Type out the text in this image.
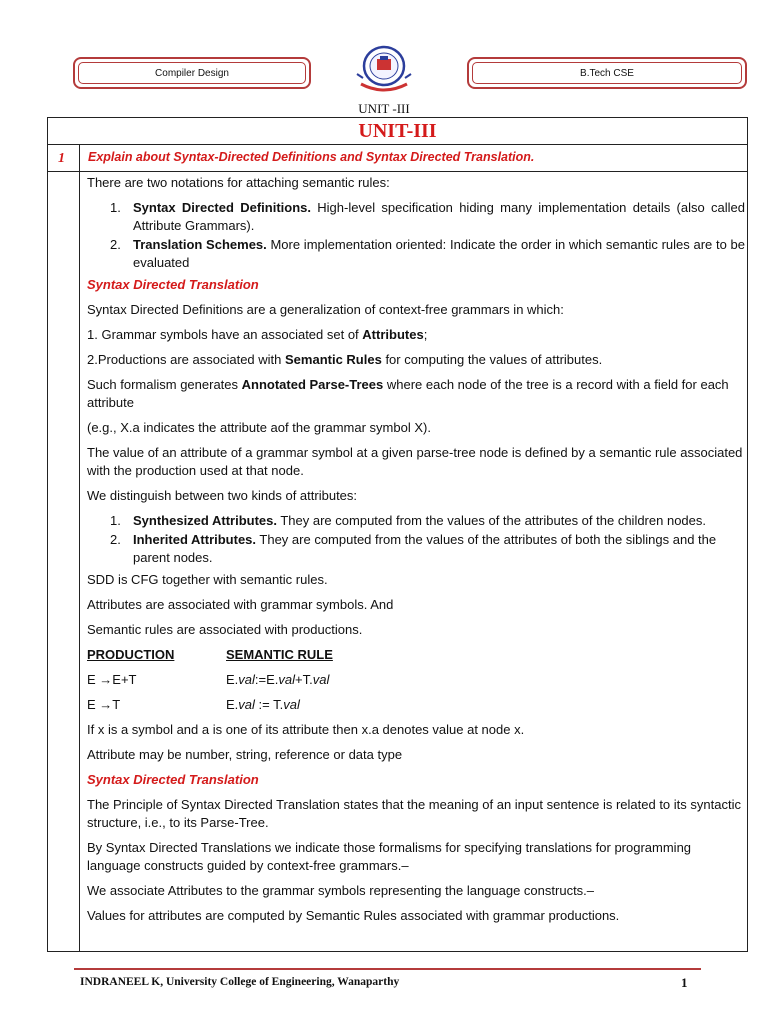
Compiler Design	B.Tech CSE
UNIT -III
UNIT-III
1 Explain about Syntax-Directed Definitions and Syntax Directed Translation.

There are two notations for attaching semantic rules:

1. Syntax Directed Definitions. High-level specification hiding many implementation details (also called Attribute Grammars).
2. Translation Schemes. More implementation oriented: Indicate the order in which semantic rules are to be evaluated

Syntax Directed Translation

Syntax Directed Definitions are a generalization of context-free grammars in which:

1. Grammar symbols have an associated set of Attributes;

2.Productions are associated with Semantic Rules for computing the values of attributes.

Such formalism generates Annotated Parse-Trees where each node of the tree is a record with a field for each attribute

(e.g., X.a indicates the attribute aof the grammar symbol X).

The value of an attribute of a grammar symbol at a given parse-tree node is defined by a semantic rule associated with the production used at that node.

We distinguish between two kinds of attributes:

1. Synthesized Attributes. They are computed from the values of the attributes of the children nodes.
2. Inherited Attributes. They are computed from the values of the attributes of both the siblings and the parent nodes.

SDD is CFG together with semantic rules.

Attributes are associated with grammar symbols. And

Semantic rules are associated with productions.

PRODUCTION	SEMANTIC RULE
E →E+T	E.val:=E.val+T.val
E →T	E.val := T.val

If x is a symbol and a is one of its attribute then x.a denotes value at node x.

Attribute may be number, string, reference or data type

Syntax Directed Translation

The Principle of Syntax Directed Translation states that the meaning of an input sentence is related to its syntactic structure, i.e., to its Parse-Tree.

By Syntax Directed Translations we indicate those formalisms for specifying translations for programming language constructs guided by context-free grammars.–

We associate Attributes to the grammar symbols representing the language constructs.–

Values for attributes are computed by Semantic Rules associated with grammar productions.

INDRANEEL K, University College of Engineering, Wanaparthy	1
